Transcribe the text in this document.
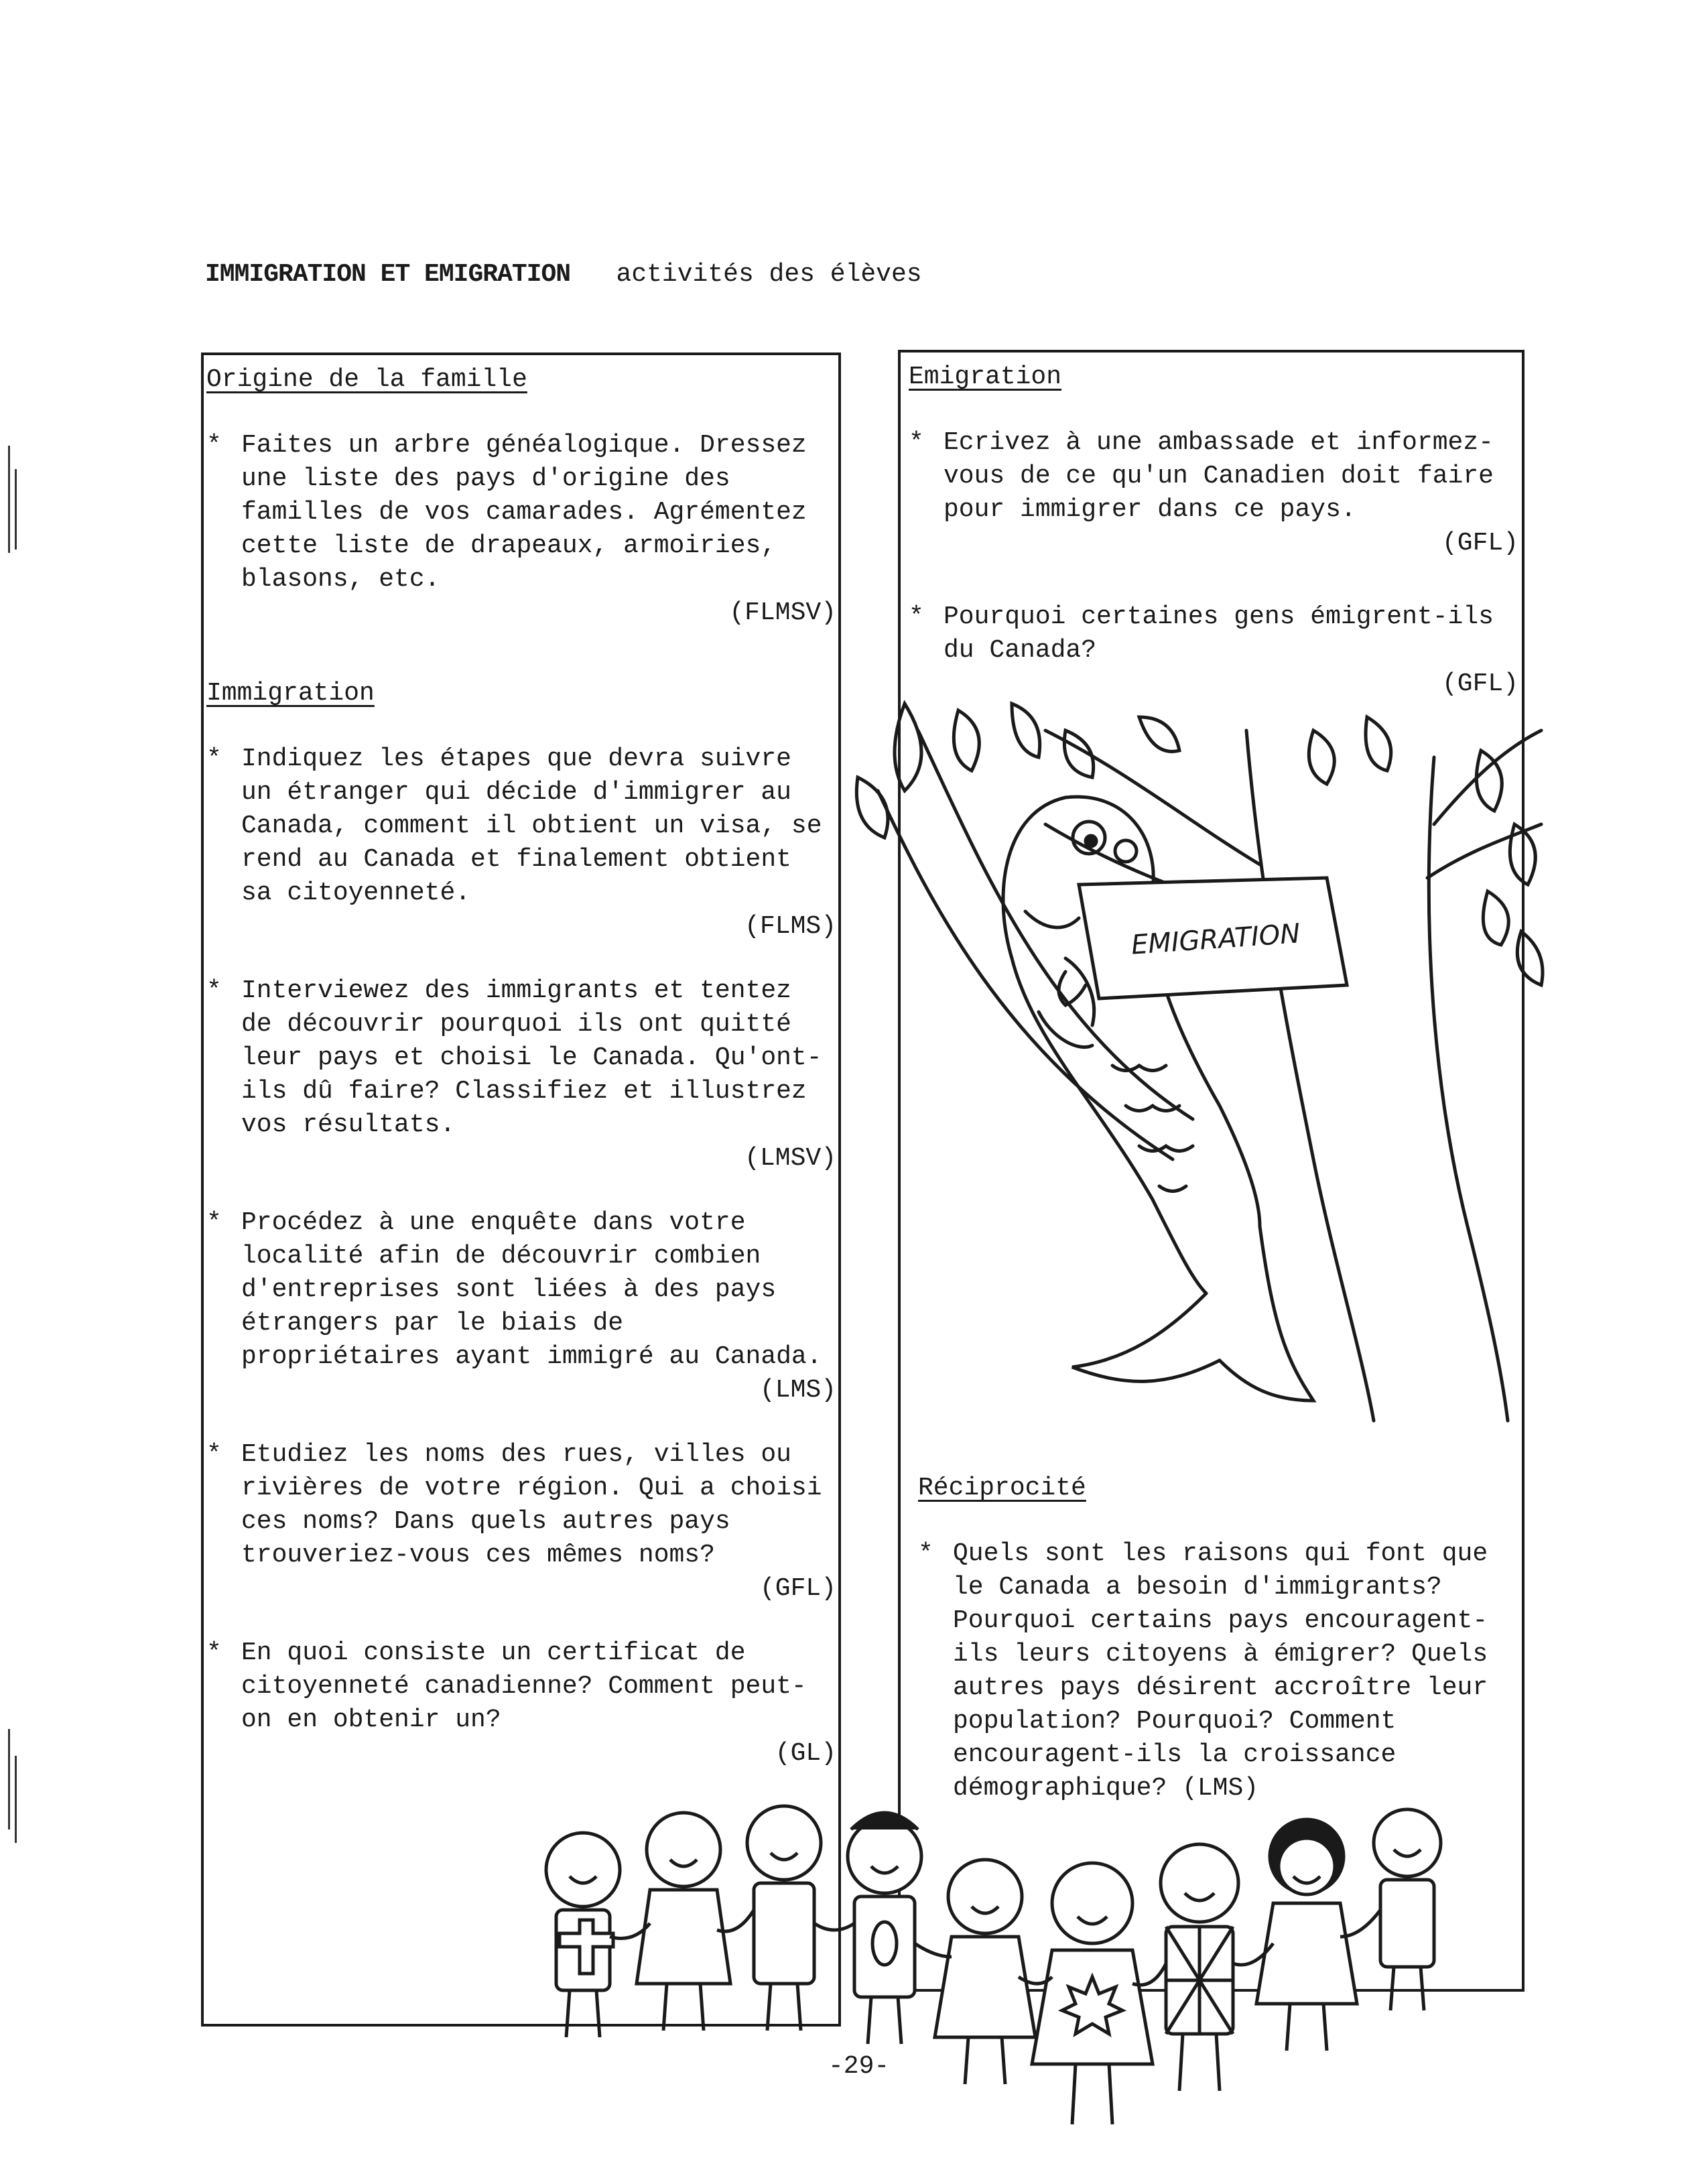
IMMIGRATION ET EMIGRATION activités des élèves
Origine de la famille
* Faites un arbre généalogique. Dressez une liste des pays d'origine des familles de vos camarades. Agrémentez cette liste de drapeaux, armoiries, blasons, etc.
(FLMSV)
Immigration
* Indiquez les étapes que devra suivre un étranger qui décide d'immigrer au Canada, comment il obtient un visa, se rend au Canada et finalement obtient sa citoyenneté.
(FLMS)
* Interviewez des immigrants et tentez de découvrir pourquoi ils ont quitté leur pays et choisi le Canada. Qu'ont-ils dû faire? Classifiez et illustrez vos résultats.
(LMSV)
* Procédez à une enquête dans votre localité afin de découvrir combien d'entreprises sont liées à des pays étrangers par le biais de propriétaires ayant immigré au Canada.
(LMS)
* Etudiez les noms des rues, villes ou rivières de votre région. Qui a choisi ces noms? Dans quels autres pays trouveriez-vous ces mêmes noms?
(GFL)
* En quoi consiste un certificat de citoyenneté canadienne? Comment peut-on en obtenir un?
(GL)
Emigration
* Ecrivez à une ambassade et informez-vous de ce qu'un Canadien doit faire pour immigrer dans ce pays.
(GFL)
* Pourquoi certaines gens émigrent-ils du Canada?
(GFL)
EMIGRATION
Réciprocité
* Quels sont les raisons qui font que le Canada a besoin d'immigrants? Pourquoi certains pays encouragent-ils leurs citoyens à émigrer? Quels autres pays désirent accroître leur population? Pourquoi? Comment encouragent-ils la croissance démographique? (LMS)
-29-
